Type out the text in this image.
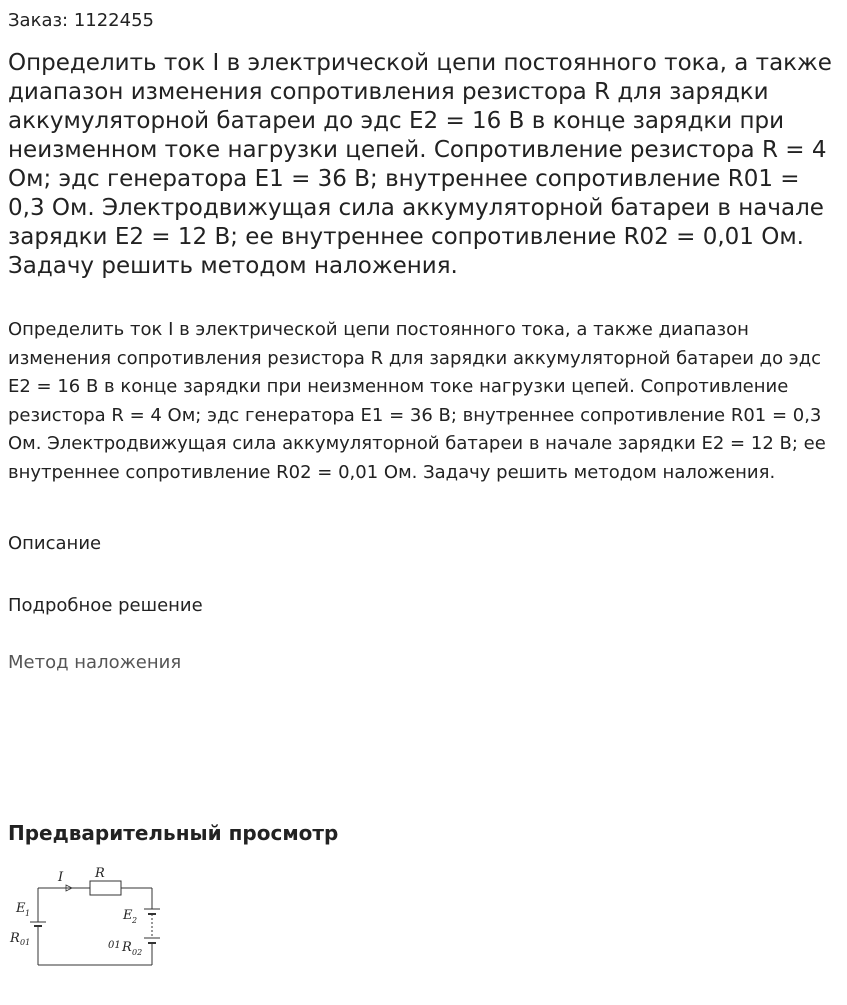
Заказ: 1122455
Определить ток I в электрической цепи постоянного тока, а также диапазон изменения сопротивления резистора R для зарядки аккумуляторной батареи до эдс E2 = 16 В в конце зарядки при неизменном токе нагрузки цепей. Сопротивление резистора R = 4 Ом; эдс генератора E1 = 36 В; внутреннее сопротивление R01 = 0,3 Ом. Электродвижущая сила аккумуляторной батареи в начале зарядки E2 = 12 В; ее внутреннее сопротивление R02 = 0,01 Ом. Задачу решить методом наложения.

Определить ток I в электрической цепи постоянного тока, а также диапазон изменения сопротивления резистора R для зарядки аккумуляторной батареи до эдс E2 = 16 В в конце зарядки при неизменном токе нагрузки цепей. Сопротивление резистора R = 4 Ом; эдс генератора E1 = 36 В; внутреннее сопротивление R01 = 0,3 Ом. Электродвижущая сила аккумуляторной батареи в начале зарядки E2 = 12 В; ее внутреннее сопротивление R02 = 0,01 Ом. Задачу решить методом наложения.

Описание
Подробное решение
Метод наложения
Предварительный просмотр
I R
E 1
R 01
E 2
01 R 02
